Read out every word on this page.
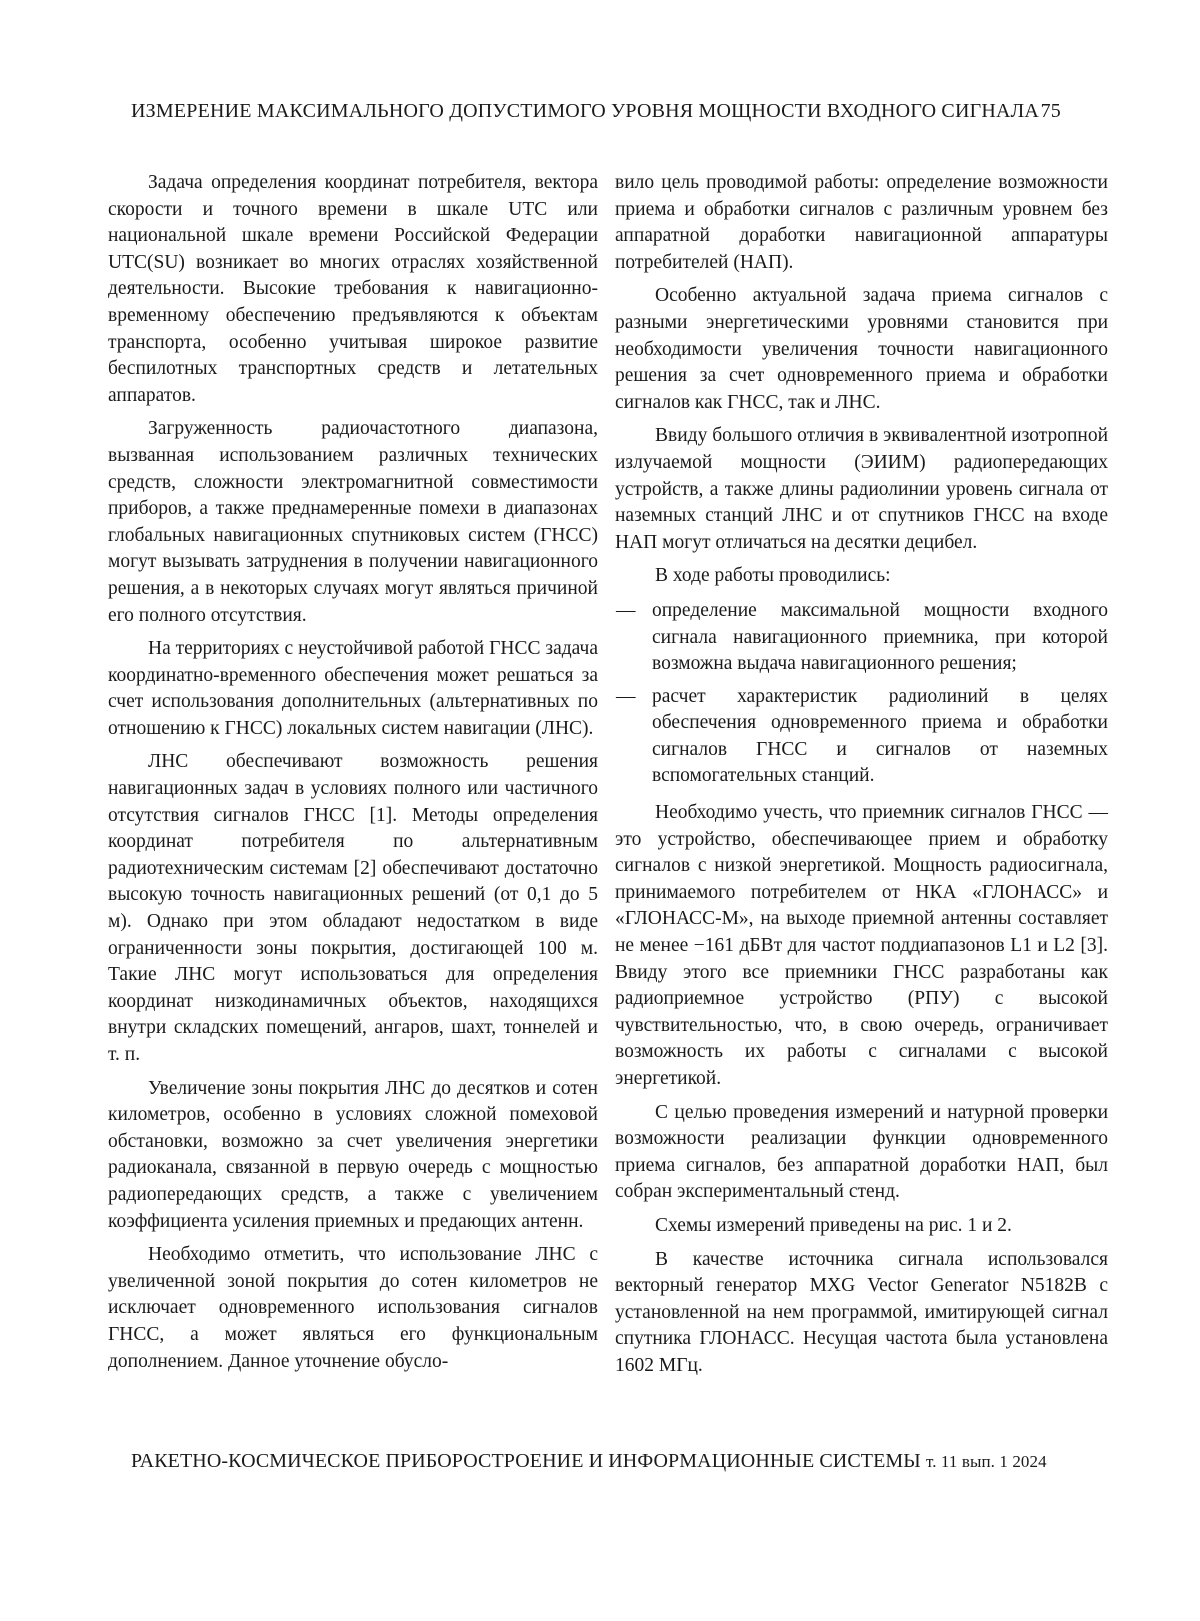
ИЗМЕРЕНИЕ МАКСИМАЛЬНОГО ДОПУСТИМОГО УРОВНЯ МОЩНОСТИ ВХОДНОГО СИГНАЛА 75

Задача определения координат потребителя, вектора скорости и точного времени в шкале UTC или национальной шкале времени Российской Федерации UTC(SU) возникает во многих отраслях хозяйственной деятельности. Высокие требования к навигационно-временному обеспечению предъявляются к объектам транспорта, особенно учитывая широкое развитие беспилотных транспортных средств и летательных аппаратов.

Загруженность радиочастотного диапазона, вызванная использованием различных технических средств, сложности электромагнитной совместимости приборов, а также преднамеренные помехи в диапазонах глобальных навигационных спутниковых систем (ГНСС) могут вызывать затруднения в получении навигационного решения, а в некоторых случаях могут являться причиной его полного отсутствия.

На территориях с неустойчивой работой ГНСС задача координатно-временного обеспечения может решаться за счет использования дополнительных (альтернативных по отношению к ГНСС) локальных систем навигации (ЛНС).

ЛНС обеспечивают возможность решения навигационных задач в условиях полного или частичного отсутствия сигналов ГНСС [1]. Методы определения координат потребителя по альтернативным радиотехническим системам [2] обеспечивают достаточно высокую точность навигационных решений (от 0,1 до 5 м). Однако при этом обладают недостатком в виде ограниченности зоны покрытия, достигающей 100 м. Такие ЛНС могут использоваться для определения координат низкодинамичных объектов, находящихся внутри складских помещений, ангаров, шахт, тоннелей и т. п.

Увеличение зоны покрытия ЛНС до десятков и сотен километров, особенно в условиях сложной помеховой обстановки, возможно за счет увеличения энергетики радиоканала, связанной в первую очередь с мощностью радиопередающих средств, а также с увеличением коэффициента усиления приемных и предающих антенн.

Необходимо отметить, что использование ЛНС с увеличенной зоной покрытия до сотен километров не исключает одновременного использования сигналов ГНСС, а может являться его функциональным дополнением. Данное уточнение обусло-

вило цель проводимой работы: определение возможности приема и обработки сигналов с различным уровнем без аппаратной доработки навигационной аппаратуры потребителей (НАП).

Особенно актуальной задача приема сигналов с разными энергетическими уровнями становится при необходимости увеличения точности навигационного решения за счет одновременного приема и обработки сигналов как ГНСС, так и ЛНС.

Ввиду большого отличия в эквивалентной изотропной излучаемой мощности (ЭИИМ) радиопередающих устройств, а также длины радиолинии уровень сигнала от наземных станций ЛНС и от спутников ГНСС на входе НАП могут отличаться на десятки децибел.

В ходе работы проводились:

— определение максимальной мощности входного сигнала навигационного приемника, при которой возможна выдача навигационного решения;
— расчет характеристик радиолиний в целях обеспечения одновременного приема и обработки сигналов ГНСС и сигналов от наземных вспомогательных станций.

Необходимо учесть, что приемник сигналов ГНСС — это устройство, обеспечивающее прием и обработку сигналов с низкой энергетикой. Мощность радиосигнала, принимаемого потребителем от НКА «ГЛОНАСС» и «ГЛОНАСС-М», на выходе приемной антенны составляет не менее −161 дБВт для частот поддиапазонов L1 и L2 [3]. Ввиду этого все приемники ГНСС разработаны как радиоприемное устройство (РПУ) с высокой чувствительностью, что, в свою очередь, ограничивает возможность их работы с сигналами с высокой энергетикой.

С целью проведения измерений и натурной проверки возможности реализации функции одновременного приема сигналов, без аппаратной доработки НАП, был собран экспериментальный стенд.

Схемы измерений приведены на рис. 1 и 2.

В качестве источника сигнала использовался векторный генератор MXG Vector Generator N5182B с установленной на нем программой, имитирующей сигнал спутника ГЛОНАСС. Несущая частота была установлена 1602 МГц.

РАКЕТНО-КОСМИЧЕСКОЕ ПРИБОРОСТРОЕНИЕ И ИНФОРМАЦИОННЫЕ СИСТЕМЫ т. 11 вып. 1 2024
